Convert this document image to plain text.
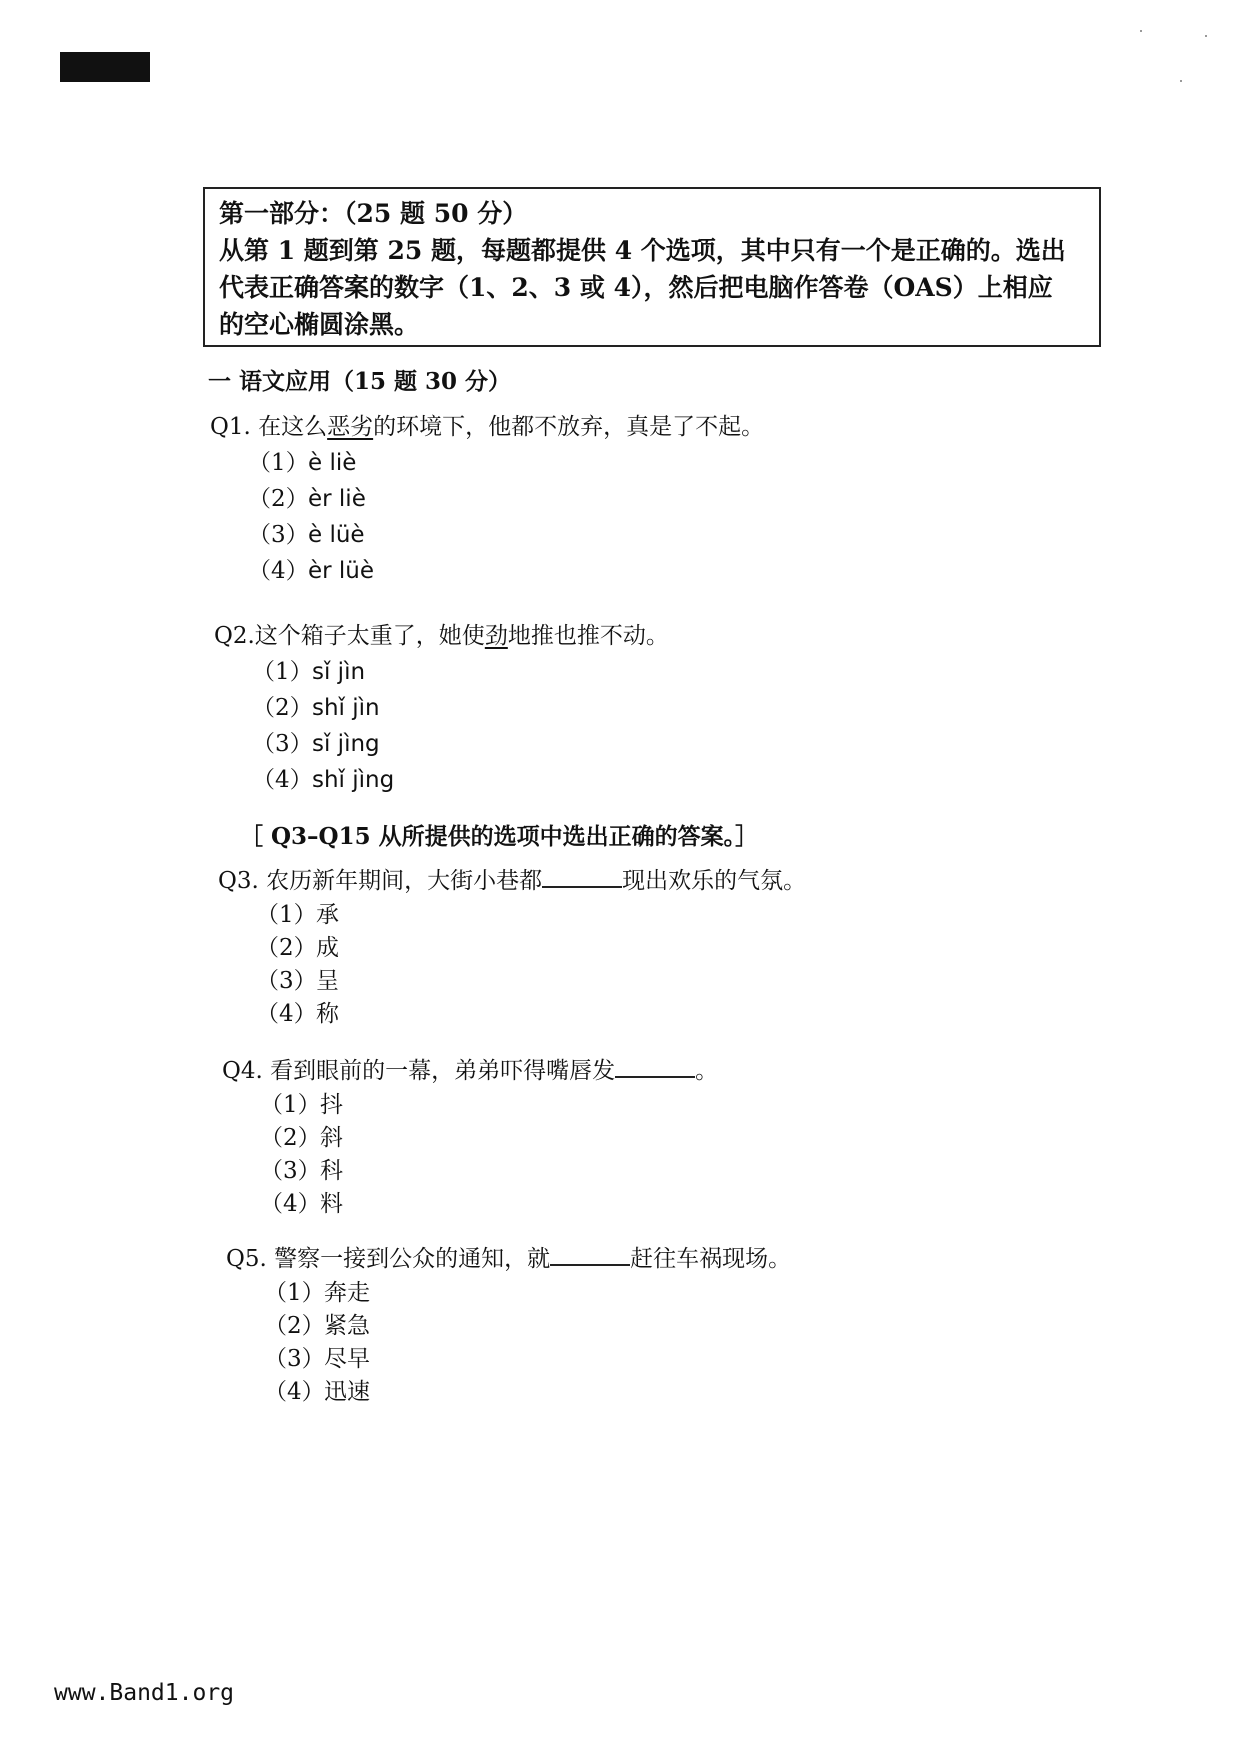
第一部分：（25 题 50 分）
从第 1 题到第 25 题，每题都提供 4 个选项，其中只有一个是正确的。选出
代表正确答案的数字（1、2、3 或 4），然后把电脑作答卷（OAS）上相应
的空心椭圆涂黑。
一 语文应用（15 题 30 分）
Q1. 在这么恶劣的环境下，他都不放弃，真是了不起。
（1）è liè
（2）èr liè
（3）è lüè
（4）èr lüè
Q2.这个箱子太重了，她使劲地推也推不动。
（1）sǐ jìn
（2）shǐ jìn
（3）sǐ jìng
（4）shǐ jìng
［ Q3–Q15 从所提供的选项中选出正确的答案。］
Q3. 农历新年期间，大街小巷都	现出欢乐的气氛。
（1）承
（2）成
（3）呈
（4）称
Q4. 看到眼前的一幕，弟弟吓得嘴唇发	。
（1）抖
（2）斜
（3）科
（4）料
Q5. 警察一接到公众的通知，就	赶往车祸现场。
（1）奔走
（2）紧急
（3）尽早
（4）迅速
www.Band1.org
